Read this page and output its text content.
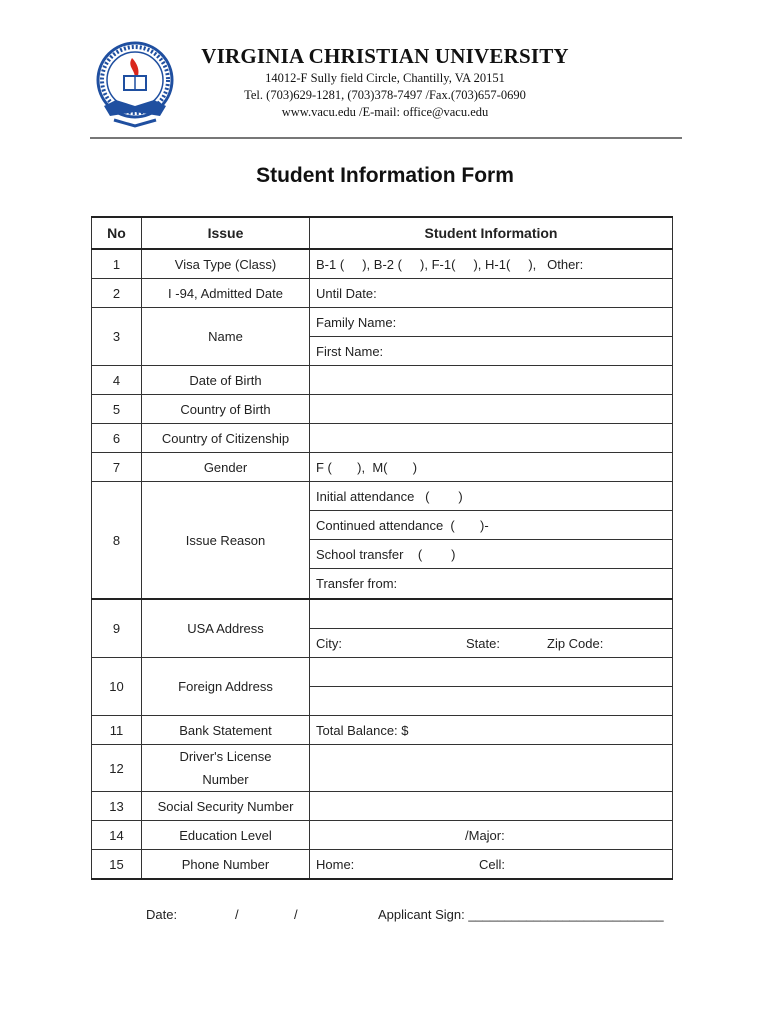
VIRGINIA CHRISTIAN UNIVERSITY
14012-F Sully field Circle, Chantilly, VA 20151
Tel. (703)629-1281, (703)378-7497 /Fax.(703)657-0690
www.vacu.edu /E-mail: office@vacu.edu
Student Information Form
No	Issue	Student Information
1	Visa Type (Class)	B-1 (     ), B-2 (     ), F-1(     ), H-1(     ),   Other:
2	I -94, Admitted Date	Until Date:
3	Name	Family Name:
		First Name:
4	Date of Birth	
5	Country of Birth	
6	Country of Citizenship	
7	Gender	F (       ),  M(       )
8	Issue Reason	Initial attendance   (        )
		Continued attendance  (       )-
		School transfer    (        )
		Transfer from:
9	USA Address	
		City: State: Zip Code:
10	Foreign Address	

11	Bank Statement	Total Balance: $
12	Driver's License Number	
13	Social Security Number	
14	Education Level	/Major:
15	Phone Number	Home: Cell:
Date:	/	/	Applicant Sign: ___________________________
